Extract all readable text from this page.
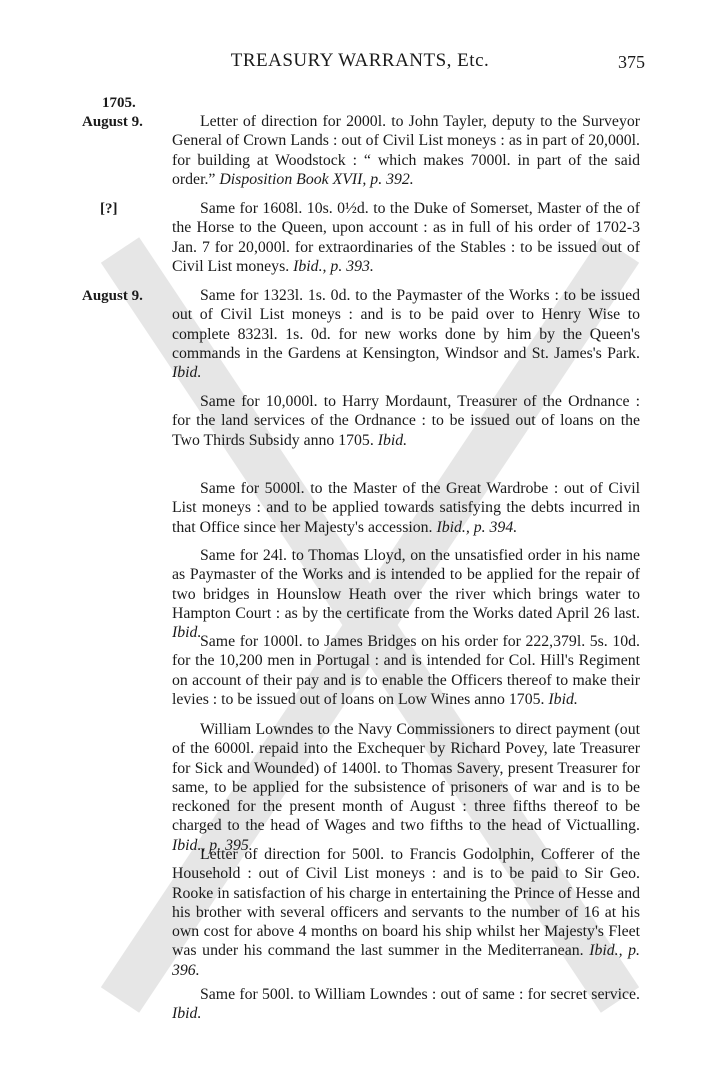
TREASURY WARRANTS, Etc.	375
1705.
August 9.	Letter of direction for 2000l. to John Tayler, deputy to the Surveyor General of Crown Lands : out of Civil List moneys : as in part of 20,000l. for building at Woodstock : “ which makes 7000l. in part of the said order.” Disposition Book XVII, p. 392.

[?]	Same for 1608l. 10s. 0½d. to the Duke of Somerset, Master of the of the Horse to the Queen, upon account : as in full of his order of 1702-3 Jan. 7 for 20,000l. for extraordinaries of the Stables : to be issued out of Civil List moneys. Ibid., p. 393.

August 9.	Same for 1323l. 1s. 0d. to the Paymaster of the Works : to be issued out of Civil List moneys : and is to be paid over to Henry Wise to complete 8323l. 1s. 0d. for new works done by him by the Queen's commands in the Gardens at Kensington, Windsor and St. James's Park. Ibid.

Same for 10,000l. to Harry Mordaunt, Treasurer of the Ordnance : for the land services of the Ordnance : to be issued out of loans on the Two Thirds Subsidy anno 1705. Ibid.

Same for 5000l. to the Master of the Great Wardrobe : out of Civil List moneys : and to be applied towards satisfying the debts incurred in that Office since her Majesty's accession. Ibid., p. 394.

Same for 24l. to Thomas Lloyd, on the unsatisfied order in his name as Paymaster of the Works and is intended to be applied for the repair of two bridges in Hounslow Heath over the river which brings water to Hampton Court : as by the certificate from the Works dated April 26 last. Ibid.

Same for 1000l. to James Bridges on his order for 222,379l. 5s. 10d. for the 10,200 men in Portugal : and is intended for Col. Hill's Regiment on account of their pay and is to enable the Officers thereof to make their levies : to be issued out of loans on Low Wines anno 1705. Ibid.

William Lowndes to the Navy Commissioners to direct payment (out of the 6000l. repaid into the Exchequer by Richard Povey, late Treasurer for Sick and Wounded) of 1400l. to Thomas Savery, present Treasurer for same, to be applied for the subsistence of prisoners of war and is to be reckoned for the present month of August : three fifths thereof to be charged to the head of Wages and two fifths to the head of Victualling. Ibid., p. 395.

Letter of direction for 500l. to Francis Godolphin, Cofferer of the Household : out of Civil List moneys : and is to be paid to Sir Geo. Rooke in satisfaction of his charge in entertaining the Prince of Hesse and his brother with several officers and servants to the number of 16 at his own cost for above 4 months on board his ship whilst her Majesty's Fleet was under his command the last summer in the Mediterranean. Ibid., p. 396.

Same for 500l. to William Lowndes : out of same : for secret service. Ibid.
